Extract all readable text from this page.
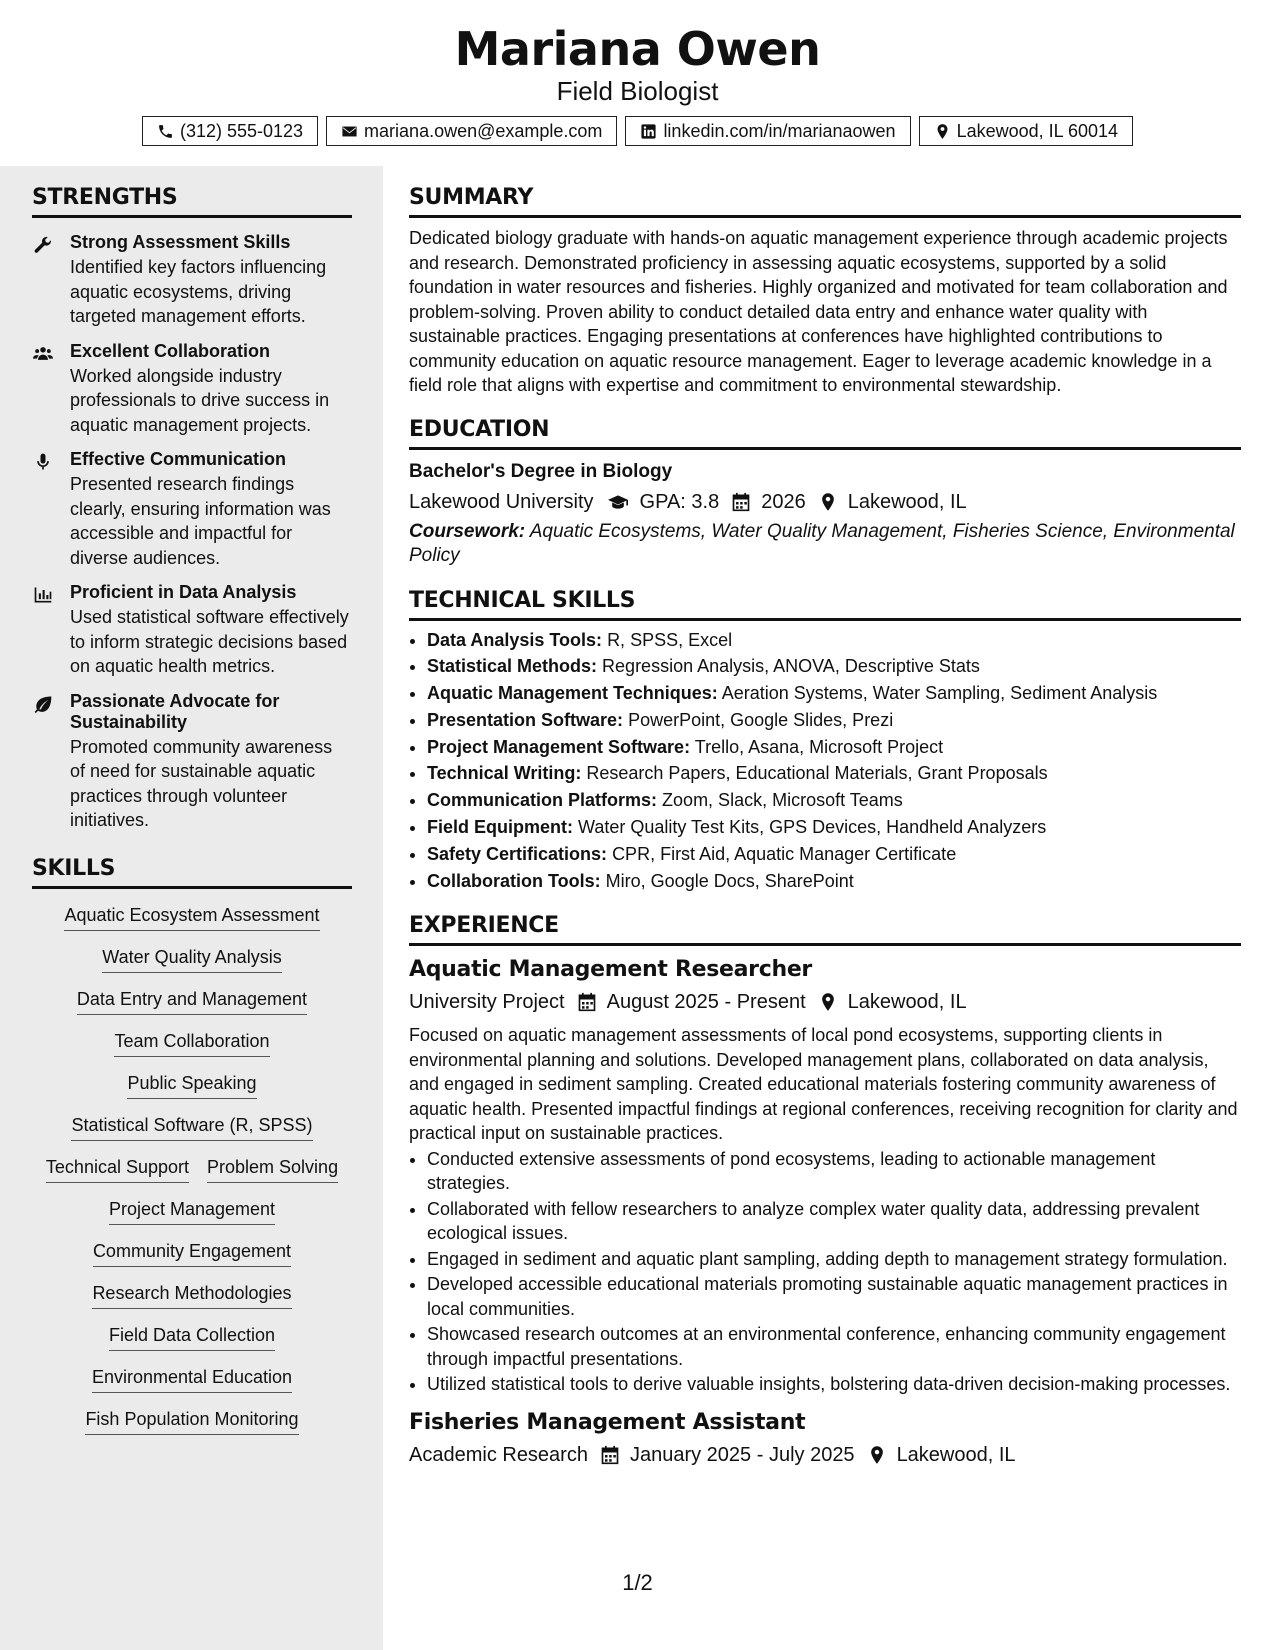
Mariana Owen
Field Biologist
(312) 555-0123	mariana.owen@example.com	linkedin.com/in/marianaowen	Lakewood, IL 60014
STRENGTHS
Strong Assessment Skills
Identified key factors influencing aquatic ecosystems, driving targeted management efforts.
Excellent Collaboration
Worked alongside industry professionals to drive success in aquatic management projects.
Effective Communication
Presented research findings clearly, ensuring information was accessible and impactful for diverse audiences.
Proficient in Data Analysis
Used statistical software effectively to inform strategic decisions based on aquatic health metrics.
Passionate Advocate for Sustainability
Promoted community awareness of need for sustainable aquatic practices through volunteer initiatives.
SKILLS
Aquatic Ecosystem Assessment
Water Quality Analysis
Data Entry and Management
Team Collaboration
Public Speaking
Statistical Software (R, SPSS)
Technical Support Problem Solving
Project Management
Community Engagement
Research Methodologies
Field Data Collection
Environmental Education
Fish Population Monitoring
SUMMARY
Dedicated biology graduate with hands-on aquatic management experience through academic projects and research. Demonstrated proficiency in assessing aquatic ecosystems, supported by a solid foundation in water resources and fisheries. Highly organized and motivated for team collaboration and problem-solving. Proven ability to conduct detailed data entry and enhance water quality with sustainable practices. Engaging presentations at conferences have highlighted contributions to community education on aquatic resource management. Eager to leverage academic knowledge in a field role that aligns with expertise and commitment to environmental stewardship.
EDUCATION
Bachelor's Degree in Biology
Lakewood University GPA: 3.8 2026 Lakewood, IL
Coursework: Aquatic Ecosystems, Water Quality Management, Fisheries Science, Environmental Policy
TECHNICAL SKILLS
• Data Analysis Tools: R, SPSS, Excel
• Statistical Methods: Regression Analysis, ANOVA, Descriptive Stats
• Aquatic Management Techniques: Aeration Systems, Water Sampling, Sediment Analysis
• Presentation Software: PowerPoint, Google Slides, Prezi
• Project Management Software: Trello, Asana, Microsoft Project
• Technical Writing: Research Papers, Educational Materials, Grant Proposals
• Communication Platforms: Zoom, Slack, Microsoft Teams
• Field Equipment: Water Quality Test Kits, GPS Devices, Handheld Analyzers
• Safety Certifications: CPR, First Aid, Aquatic Manager Certificate
• Collaboration Tools: Miro, Google Docs, SharePoint
EXPERIENCE
Aquatic Management Researcher
University Project August 2025 - Present Lakewood, IL
Focused on aquatic management assessments of local pond ecosystems, supporting clients in environmental planning and solutions. Developed management plans, collaborated on data analysis, and engaged in sediment sampling. Created educational materials fostering community awareness of aquatic health. Presented impactful findings at regional conferences, receiving recognition for clarity and practical input on sustainable practices.
• Conducted extensive assessments of pond ecosystems, leading to actionable management strategies.
• Collaborated with fellow researchers to analyze complex water quality data, addressing prevalent ecological issues.
• Engaged in sediment and aquatic plant sampling, adding depth to management strategy formulation.
• Developed accessible educational materials promoting sustainable aquatic management practices in local communities.
• Showcased research outcomes at an environmental conference, enhancing community engagement through impactful presentations.
• Utilized statistical tools to derive valuable insights, bolstering data-driven decision-making processes.
Fisheries Management Assistant
Academic Research January 2025 - July 2025 Lakewood, IL
1/2
